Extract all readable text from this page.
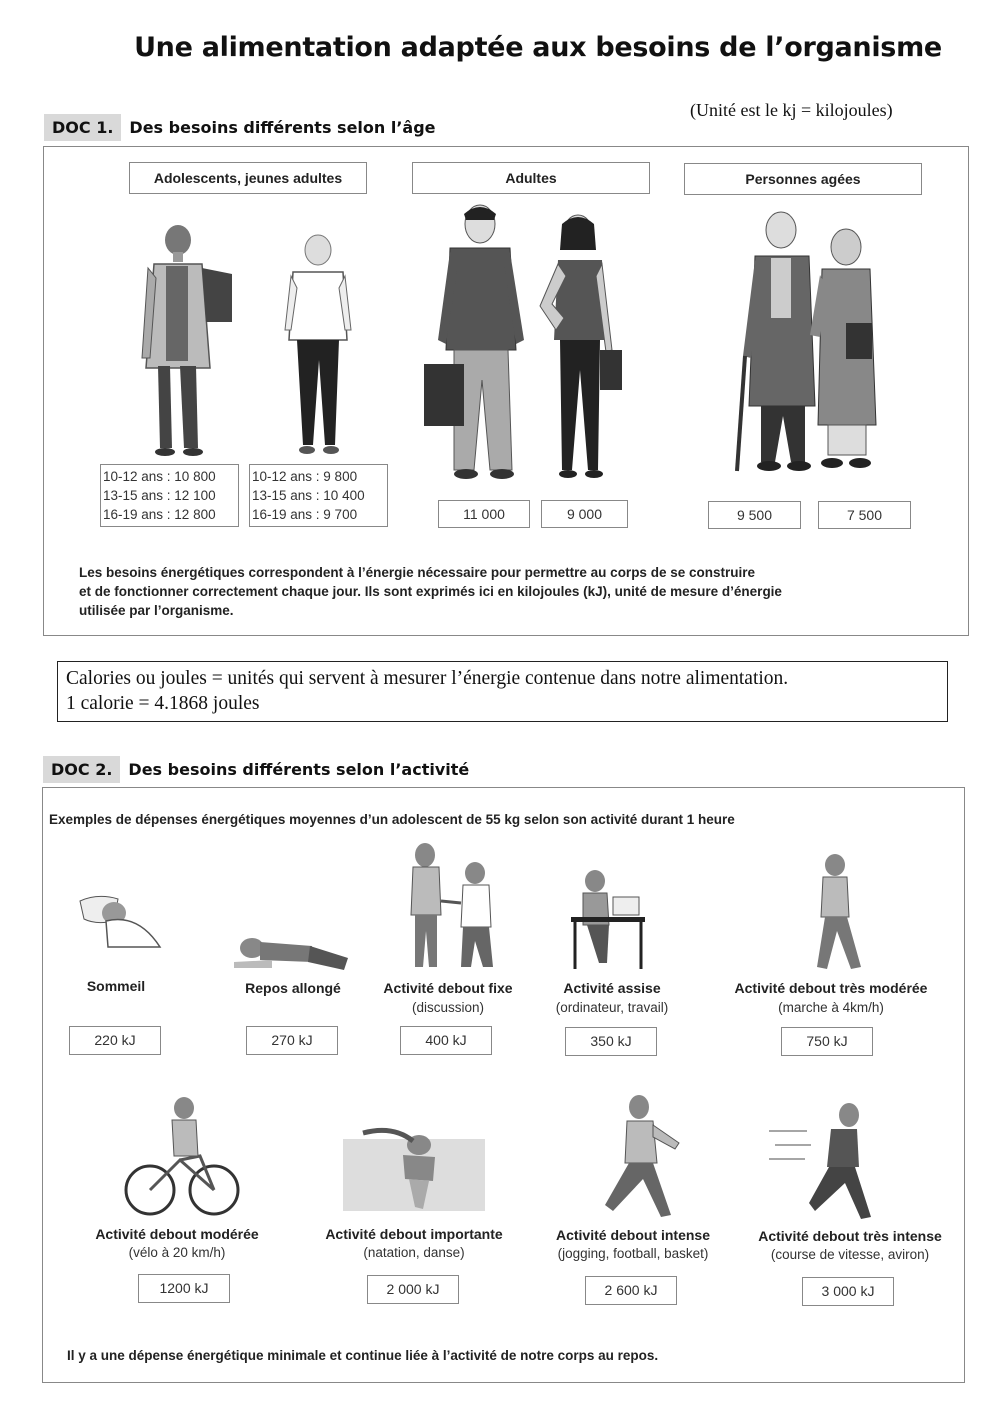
Une alimentation adaptée aux besoins de l’organisme
DOC 1.	Des besoins différents selon l’âge
(Unité est le kj = kilojoules)
Adolescents, jeunes adultes	Adultes	Personnes agées
10-12 ans : 10 800
13-15 ans : 12 100
16-19 ans : 12 800
10-12 ans : 9 800
13-15 ans : 10 400
16-19 ans : 9 700	11 000	9 000	9 500	7 500
Les besoins énergétiques correspondent à l’énergie nécessaire pour permettre au corps de se construire
et de fonctionner correctement chaque jour. Ils sont exprimés ici en kilojoules (kJ), unité de mesure d’énergie
utilisée par l’organisme.
Calories ou joules = unités qui servent à mesurer l’énergie contenue dans notre alimentation.
1 calorie = 4.1868 joules
DOC 2.	Des besoins différents selon l’activité
Exemples de dépenses énergétiques moyennes d’un adolescent de 55 kg selon son activité durant 1 heure
Sommeil	Repos allongé	Activité debout fixe
(discussion)
Activité assise
(ordinateur, travail)
Activité debout très modérée
(marche à 4km/h)
220 kJ	270 kJ	400 kJ	350 kJ	750 kJ
Activité debout modérée
(vélo à 20 km/h)
Activité debout importante
(natation, danse)
Activité debout intense
(jogging, football, basket)
Activité debout très intense
(course de vitesse, aviron)
1200 kJ	2 000 kJ	2 600 kJ	3 000 kJ
Il y a une dépense énergétique minimale et continue liée à l’activité de notre corps au repos.
